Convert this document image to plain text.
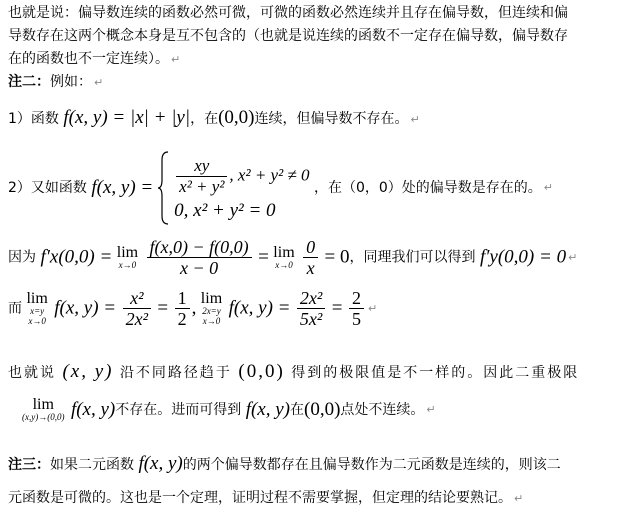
也就是说：偏导数连续的函数必然可微，可微的函数必然连续并且存在偏导数，但连续和偏
导数存在这两个概念本身是互不包含的（也就是说连续的函数不一定存在偏导数，偏导数存
在的函数也不一定连续）。 ↵
注二：例如： ↵
1）函数 f(x, y) = |x| + |y|，在(0,0)连续，但偏导数不存在。 ↵
2）又如函数 f(x, $y) = \frac{xy}{\text{x² + y²}}$ , x² + y² ≠ 0
0, x² + y² = 0
，在（0，0）处的偏导数是存在的。 ↵
因为 f′x(0,0) = lim
x→0
$\frac{f(x,0) - f(0,0)}{x - 0} = \lim$
x→0
$\frac{0}{x} = 0$，同理我们可以得到 f′y(0,0) = 0 ↵
而
lim
x=y
x→0
f(x, $y) = \frac{\text{x²}}{\text{2x²}} = \frac{1}{2}$ , lim
2x=y
x→0
f(x, $y) = \frac{\text{2x²}}{\text{5x²}} = \frac{2}{5}$ ↵
也就说 (x, y) 沿不同路径趋于 (0,0) 得到的极限值是不一样的。因此二重极限
lim
(x,y)→(0,0) f(x, y)不存在。进而可得到 f(x, y)在(0,0)点处不连续。 ↵
注三：如果二元函数 f(x, y)的两个偏导数都存在且偏导数作为二元函数是连续的，则该二
元函数是可微的。这也是一个定理，证明过程不需要掌握，但定理的结论要熟记。 ↵
